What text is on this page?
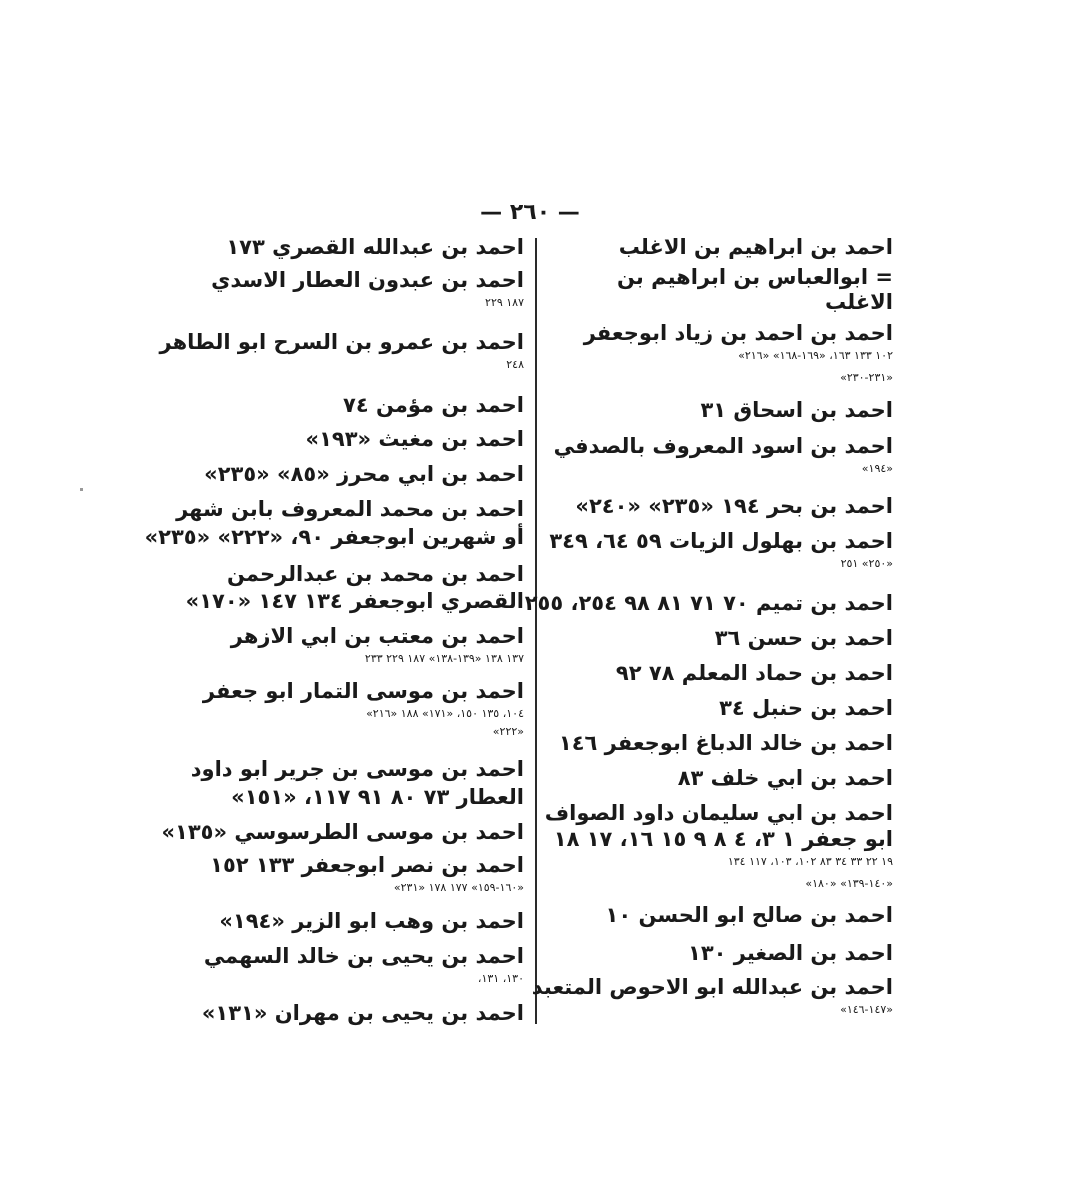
— ٢٦٠ —
احمد بن ابراهيم بن الاغلب
= ابوالعباس بن ابراهيم بن
الاغلب
احمد بن احمد بن زياد ابوجعفر
١٠٢ ١٣٣ ١٦٣، «١٦٩-١٦٨» «٢١٦»
«٢٣١-٢٣٠»
احمد بن اسحاق ٣١
احمد بن اسود المعروف بالصدفي
«١٩٤»
احمد بن بحر ١٩٤ «٢٣٥» «٢٤٠»
احمد بن بهلول الزيات ٥٩ ٦٤، ٣٤٩
«٢٥٠» ٢٥١
احمد بن تميم ٧٠ ٧١ ٨١ ٩٨ ٢٥٤، ٢٥٥
احمد بن حسن ٣٦
احمد بن حماد المعلم ٧٨ ٩٢
احمد بن حنبل ٣٤
احمد بن خالد الدباغ ابوجعفر ١٤٦
احمد بن ابي خلف ٨٣
احمد بن ابي سليمان داود الصواف
ابو جعفر ١ ٣، ٤ ٨ ٩ ١٥ ١٦، ١٧ ١٨
١٩ ٢٢ ٣٣ ٣٤ ٨٣ ١٠٢، ١٠٣، ١١٧ ١٣٤
«١٤٠-١٣٩» «١٨٠»
احمد بن صالح ابو الحسن ١٠
احمد بن الصغير ١٣٠
احمد بن عبدالله ابو الاحوص المتعبد
«١٤٧-١٤٦»
احمد بن عبدالله القصري ١٧٣
احمد بن عبدون العطار الاسدي
١٨٧ ٢٢٩
احمد بن عمرو بن السرح ابو الطاهر
٢٤٨
احمد بن مؤمن ٧٤
احمد بن مغيث «١٩٣»
احمد بن ابي محرز «٨٥» «٢٣٥»
احمد بن محمد المعروف بابن شهر
أو شهرين ابوجعفر ٩٠، «٢٢٢» «٢٣٥»
احمد بن محمد بن عبدالرحمن
القصري ابوجعفر ١٣٤ ١٤٧ «١٧٠»
احمد بن معتب بن ابي الازهر
١٣٧ ١٣٨ «١٣٩-١٣٨» ١٨٧ ٢٢٩ ٢٣٣
احمد بن موسى التمار ابو جعفر
١٠٤، ١٣٥ ١٥٠، «١٧١» ١٨٨ «٢١٦»
«٢٢٢»
احمد بن موسى بن جرير ابو داود
العطار ٧٣ ٨٠ ٩١ ١١٧، «١٥١»
احمد بن موسى الطرسوسي «١٣٥»
احمد بن نصر ابوجعفر ١٣٣ ١٥٢
«١٦٠-١٥٩» ١٧٧ ١٧٨ «٢٣١»
احمد بن وهب ابو الزير «١٩٤»
احمد بن يحيى بن خالد السهمي
١٣٠، ١٣١،
احمد بن يحيى بن مهران «١٣١»
